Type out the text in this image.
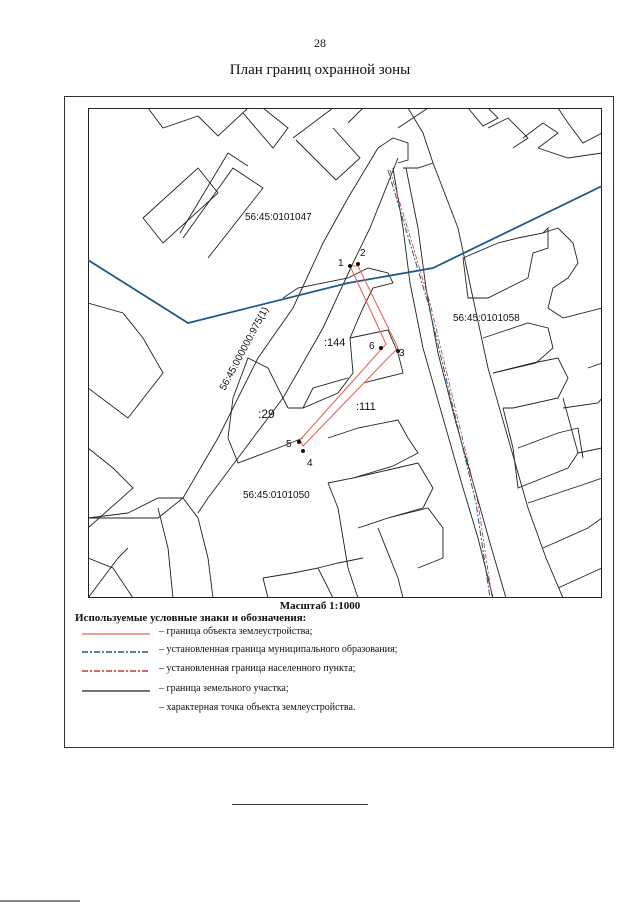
28
План границ охранной зоны
1
2
3
4
5
6
56:45:0101047
56:45:0101058
56:45:0101050
56:45:000000:975(1)	:144
:111
:29
Масштаб 1:1000
Используемые условные знаки и обозначения:
– граница объекта землеустройства;
– установленная граница муниципального образования;
– установленная граница населенного пункта;
– граница земельного участка;
– характерная точка объекта землеустройства.
